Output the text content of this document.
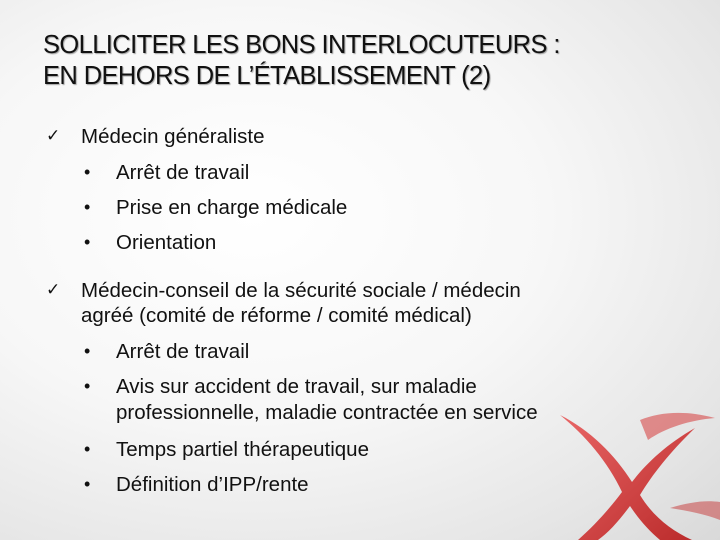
SOLLICITER LES BONS INTERLOCUTEURS :
EN DEHORS DE L’ÉTABLISSEMENT (2)
✓ Médecin généraliste
• Arrêt de travail
• Prise en charge médicale
• Orientation
✓ Médecin-conseil de la sécurité sociale / médecin
agréé (comité de réforme / comité médical)
• Arrêt de travail
• Avis sur accident de travail, sur maladie
professionnelle, maladie contractée en service
• Temps partiel thérapeutique
• Définition d’IPP/rente
